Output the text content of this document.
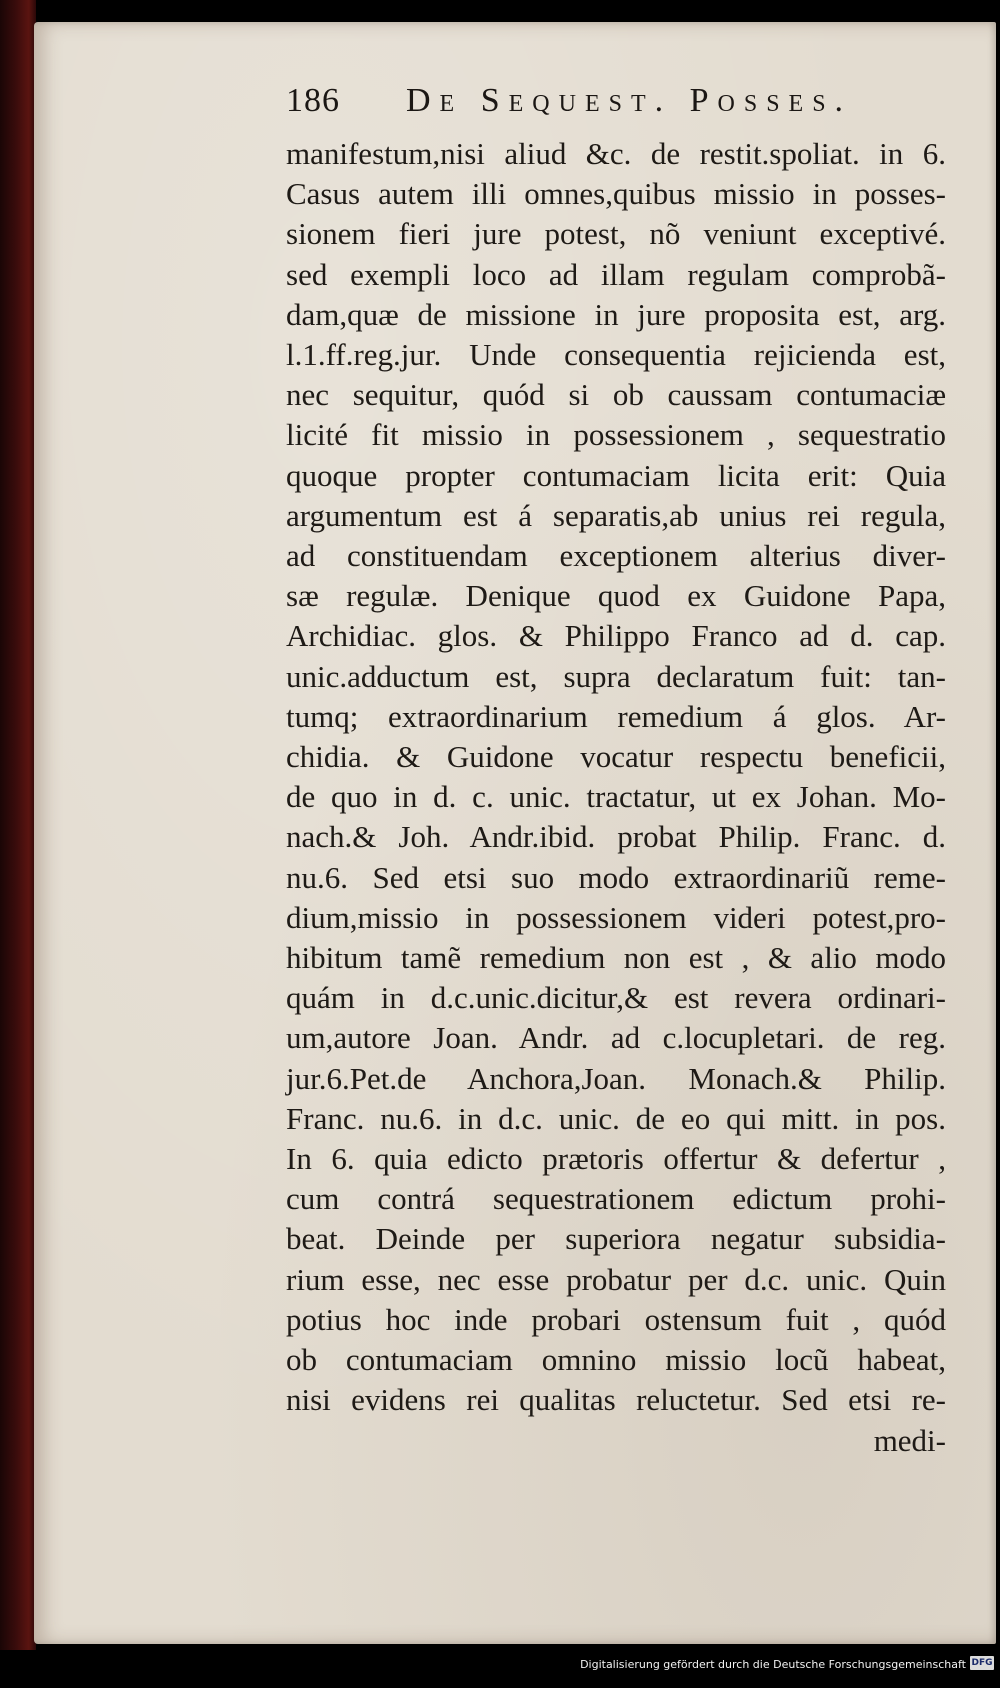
186 De Sequest. Posses.
manifestum,nisi aliud &c. de restit.spoliat. in 6.
Casus autem illi omnes,quibus missio in posses-
sionem fieri jure potest, nõ veniunt exceptivé.
sed exempli loco ad illam regulam comprobã-
dam,quæ de missione in jure proposita est, arg.
l.1.ff.reg.jur. Unde consequentia rejicienda est,
nec sequitur, quód si ob caussam contumaciæ
licité fit missio in possessionem , sequestratio
quoque propter contumaciam licita erit: Quia
argumentum est á separatis,ab unius rei regula,
ad constituendam exceptionem alterius diver-
sæ regulæ. Denique quod ex Guidone Papa,
Archidiac. glos. & Philippo Franco ad d. cap.
unic.adductum est, supra declaratum fuit: tan-
tumq; extraordinarium remedium á glos. Ar-
chidia. & Guidone vocatur respectu beneficii,
de quo in d. c. unic. tractatur, ut ex Johan. Mo-
nach.& Joh. Andr.ibid. probat Philip. Franc. d.
nu.6. Sed etsi suo modo extraordinariũ reme-
dium,missio in possessionem videri potest,pro-
hibitum tamẽ remedium non est , & alio modo
quám in d.c.unic.dicitur,& est revera ordinari-
um,autore Joan. Andr. ad c.locupletari. de reg.
jur.6.Pet.de Anchora,Joan. Monach.& Philip.
Franc. nu.6. in d.c. unic. de eo qui mitt. in pos.
In 6. quia edicto prætoris offertur & defertur ,
cum contrá sequestrationem edictum prohi-
beat. Deinde per superiora negatur subsidia-
rium esse, nec esse probatur per d.c. unic. Quin
potius hoc inde probari ostensum fuit , quód
ob contumaciam omnino missio locũ habeat,
nisi evidens rei qualitas reluctetur. Sed etsi re-
medi-
Digitalisierung gefördert durch die Deutsche Forschungsgemeinschaft DFG
